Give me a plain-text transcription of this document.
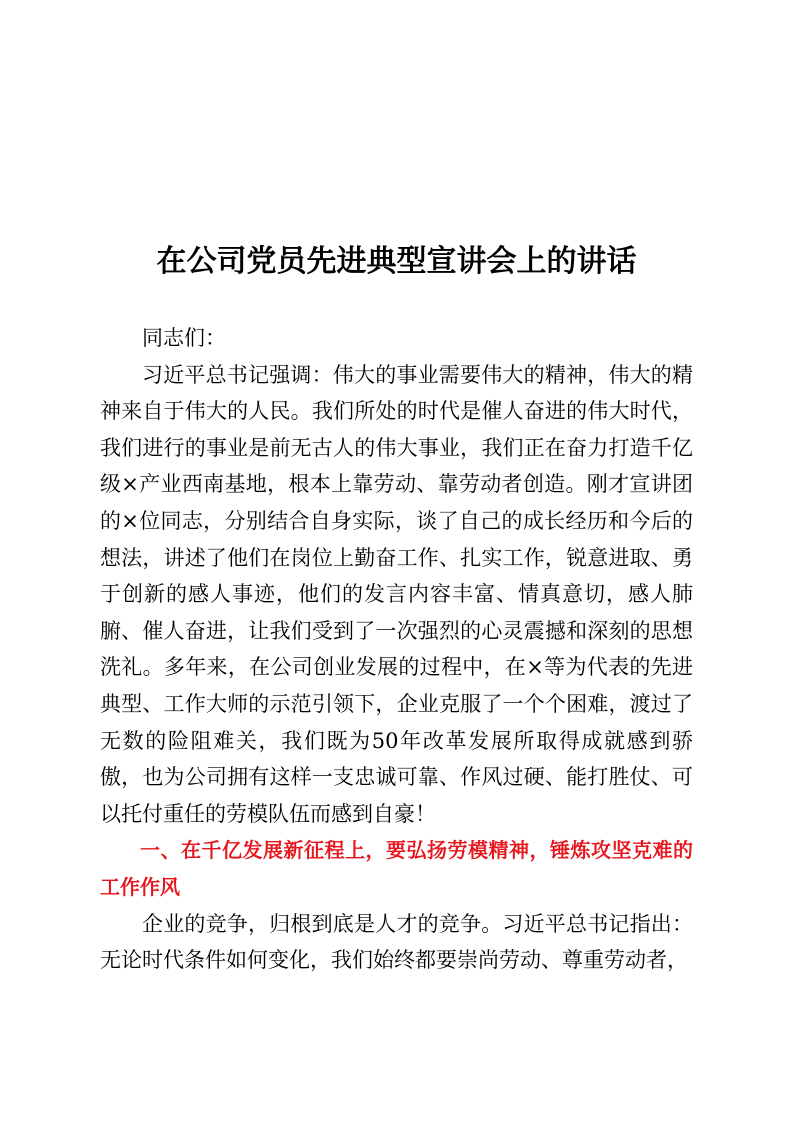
在公司党员先进典型宣讲会上的讲话

同志们：

习近平总书记强调：伟大的事业需要伟大的精神，伟大的精神来自于伟大的人民。我们所处的时代是催人奋进的伟大时代，我们进行的事业是前无古人的伟大事业，我们正在奋力打造千亿级×产业西南基地，根本上靠劳动、靠劳动者创造。刚才宣讲团的×位同志，分别结合自身实际，谈了自己的成长经历和今后的想法，讲述了他们在岗位上勤奋工作、扎实工作，锐意进取、勇于创新的感人事迹，他们的发言内容丰富、情真意切，感人肺腑、催人奋进，让我们受到了一次强烈的心灵震撼和深刻的思想洗礼。多年来，在公司创业发展的过程中，在×等为代表的先进典型、工作大师的示范引领下，企业克服了一个个困难，渡过了无数的险阻难关，我们既为50年改革发展所取得成就感到骄傲，也为公司拥有这样一支忠诚可靠、作风过硬、能打胜仗、可以托付重任的劳模队伍而感到自豪！

一、在千亿发展新征程上，要弘扬劳模精神，锤炼攻坚克难的工作作风

企业的竞争，归根到底是人才的竞争。习近平总书记指出：无论时代条件如何变化，我们始终都要崇尚劳动、尊重劳动者，
